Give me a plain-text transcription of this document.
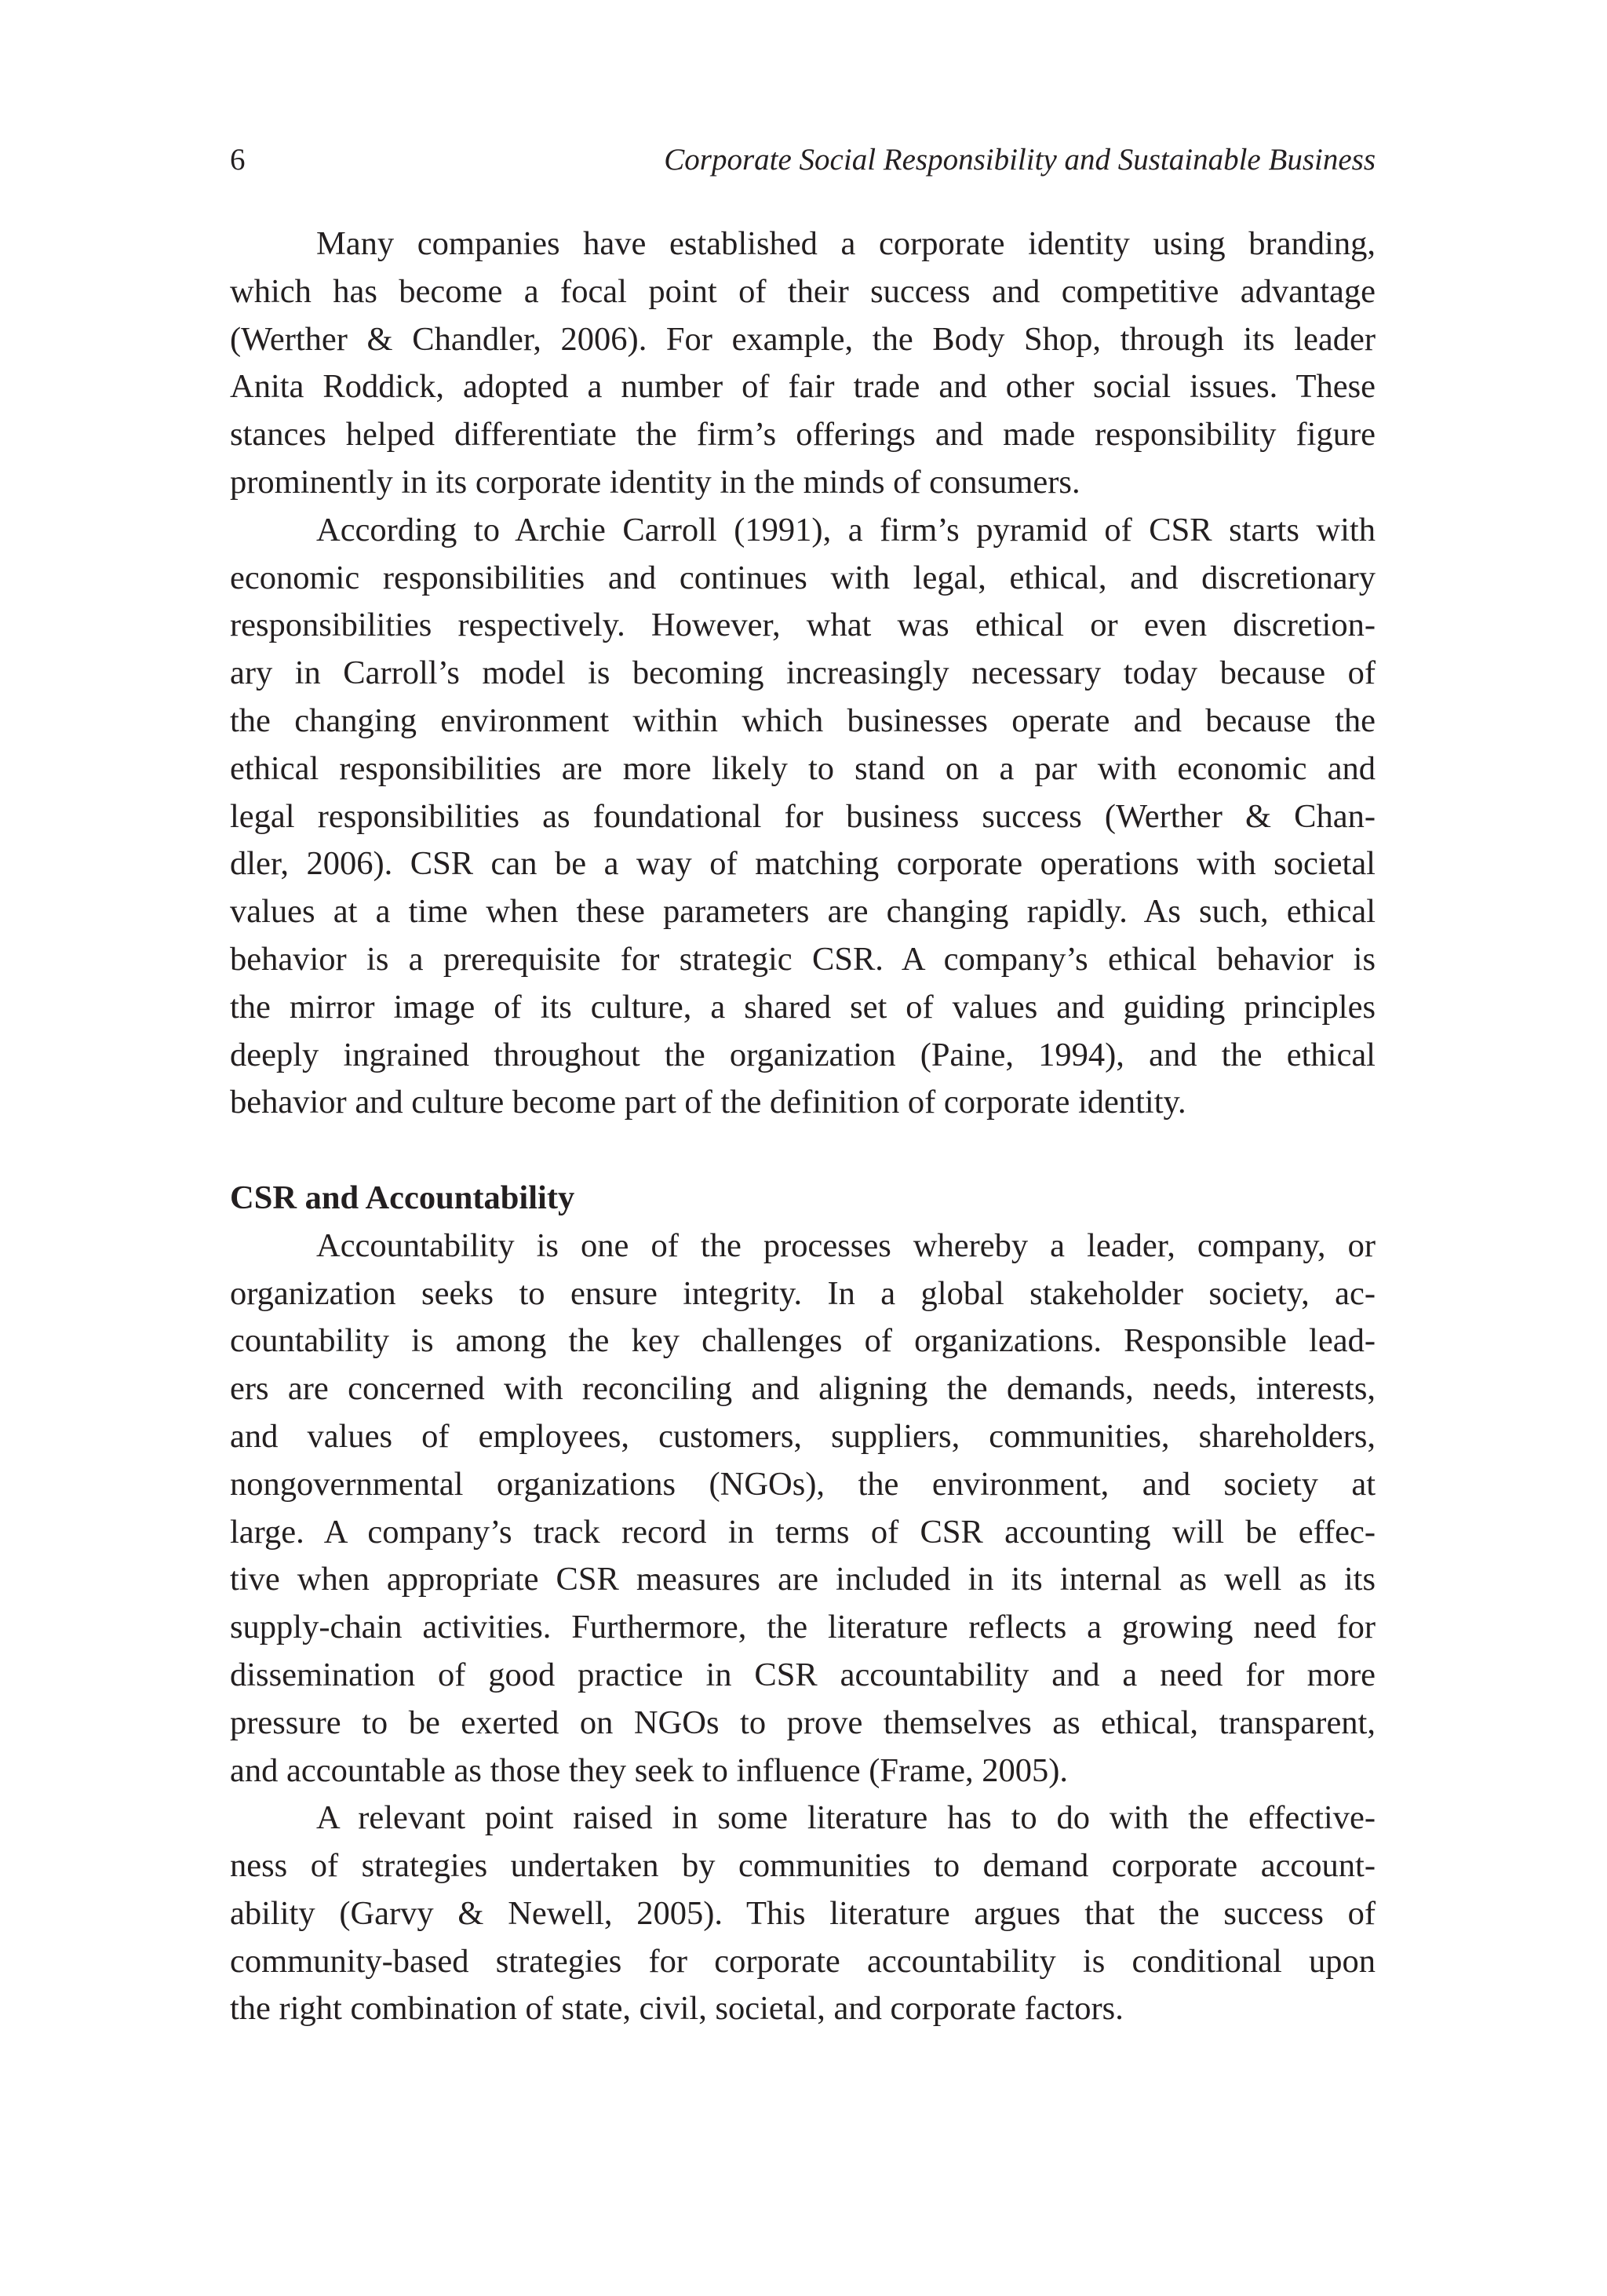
6	Corporate Social Responsibility and Sustainable Business

Many companies have established a corporate identity using branding,
which has become a focal point of their success and competitive advantage
(Werther & Chandler, 2006). For example, the Body Shop, through its leader
Anita Roddick, adopted a number of fair trade and other social issues. These
stances helped differentiate the firm’s offerings and made responsibility figure
prominently in its corporate identity in the minds of consumers.

According to Archie Carroll (1991), a firm’s pyramid of CSR starts with
economic responsibilities and continues with legal, ethical, and discretionary
responsibilities respectively. However, what was ethical or even discretion-
ary in Carroll’s model is becoming increasingly necessary today because of
the changing environment within which businesses operate and because the
ethical responsibilities are more likely to stand on a par with economic and
legal responsibilities as foundational for business success (Werther & Chan-
dler, 2006). CSR can be a way of matching corporate operations with societal
values at a time when these parameters are changing rapidly. As such, ethical
behavior is a prerequisite for strategic CSR. A company’s ethical behavior is
the mirror image of its culture, a shared set of values and guiding principles
deeply ingrained throughout the organization (Paine, 1994), and the ethical
behavior and culture become part of the definition of corporate identity.

CSR and Accountability

Accountability is one of the processes whereby a leader, company, or
organization seeks to ensure integrity. In a global stakeholder society, ac-
countability is among the key challenges of organizations. Responsible lead-
ers are concerned with reconciling and aligning the demands, needs, interests,
and values of employees, customers, suppliers, communities, shareholders,
nongovernmental organizations (NGOs), the environment, and society at
large. A company’s track record in terms of CSR accounting will be effec-
tive when appropriate CSR measures are included in its internal as well as its
supply-chain activities. Furthermore, the literature reflects a growing need for
dissemination of good practice in CSR accountability and a need for more
pressure to be exerted on NGOs to prove themselves as ethical, transparent,
and accountable as those they seek to influence (Frame, 2005).

A relevant point raised in some literature has to do with the effective-
ness of strategies undertaken by communities to demand corporate account-
ability (Garvy & Newell, 2005). This literature argues that the success of
community-based strategies for corporate accountability is conditional upon
the right combination of state, civil, societal, and corporate factors.
